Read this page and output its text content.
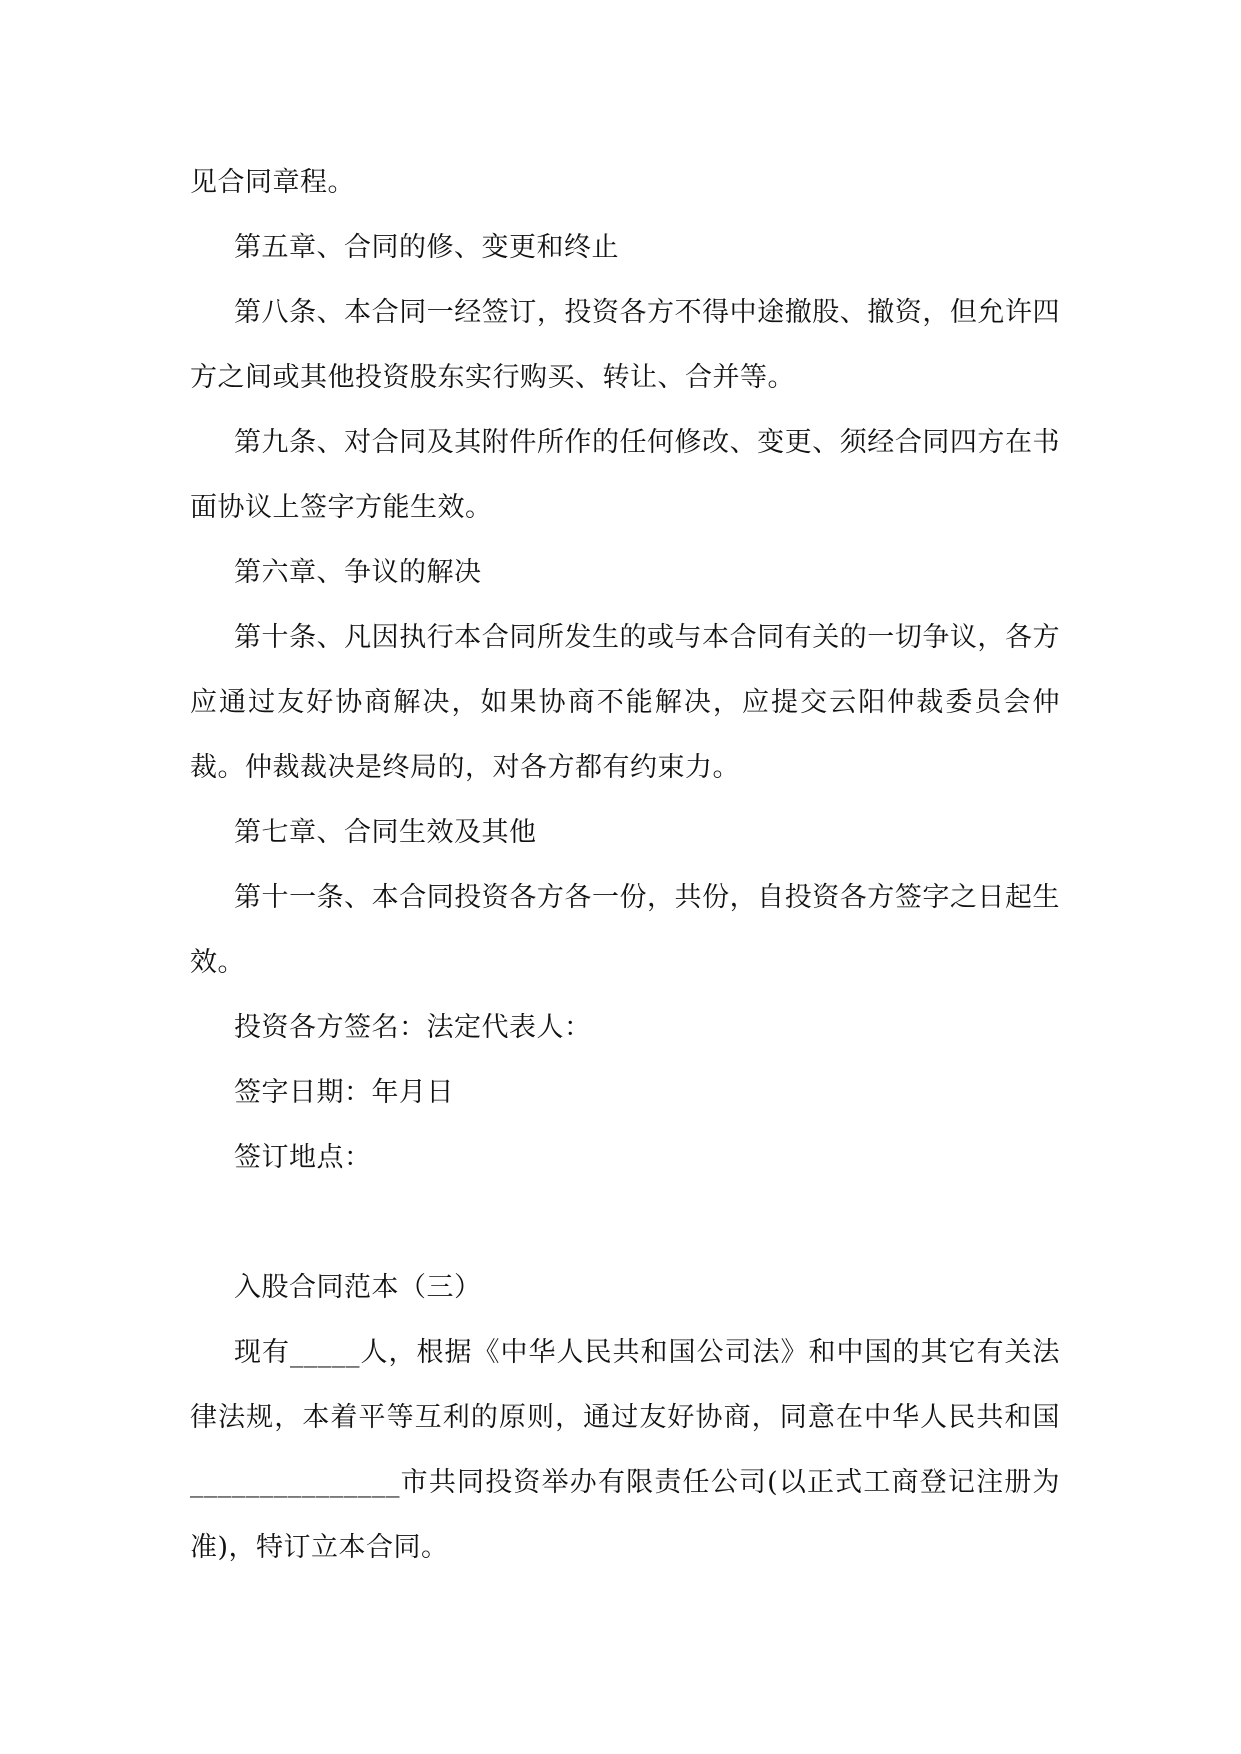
见合同章程。

第五章、合同的修、变更和终止

第八条、本合同一经签订，投资各方不得中途撤股、撤资，但允许四方之间或其他投资股东实行购买、转让、合并等。

第九条、对合同及其附件所作的任何修改、变更、须经合同四方在书面协议上签字方能生效。

第六章、争议的解决

第十条、凡因执行本合同所发生的或与本合同有关的一切争议，各方应通过友好协商解决，如果协商不能解决，应提交云阳仲裁委员会仲裁。仲裁裁决是终局的，对各方都有约束力。

第七章、合同生效及其他

第十一条、本合同投资各方各一份，共份，自投资各方签字之日起生效。

投资各方签名：法定代表人：

签字日期：年月日

签订地点：

入股合同范本（三）

现有_____人，根据《中华人民共和国公司法》和中国的其它有关法律法规，本着平等互利的原则，通过友好协商，同意在中华人民共和国_______________市共同投资举办有限责任公司(以正式工商登记注册为准)，特订立本合同。
